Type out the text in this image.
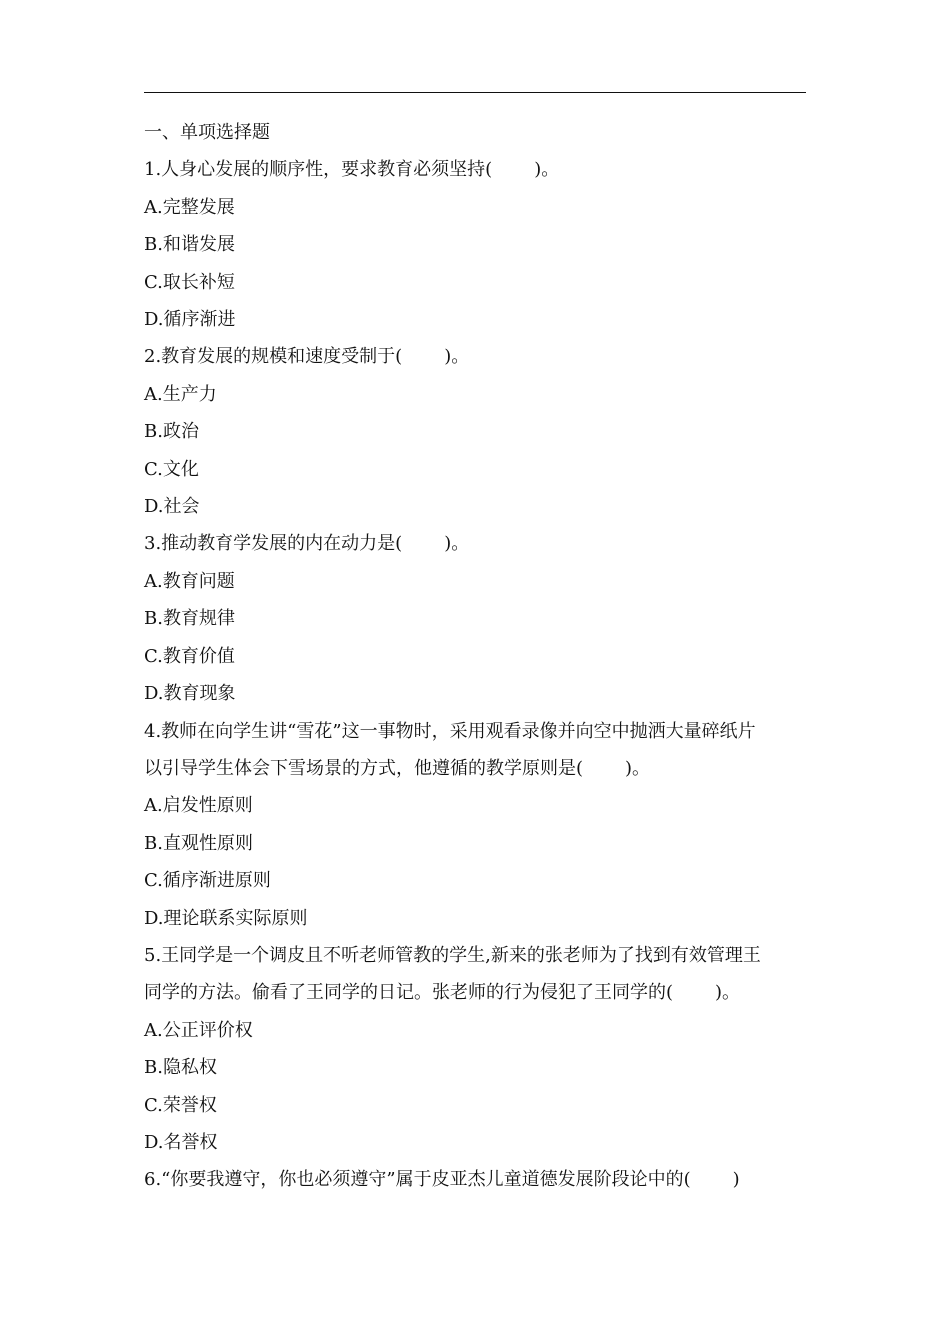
一、单项选择题
1.人身心发展的顺序性，要求教育必须坚持( )。
A.完整发展
B.和谐发展
C.取长补短
D.循序渐进
2.教育发展的规模和速度受制于( )。
A.生产力
B.政治
C.文化
D.社会
3.推动教育学发展的内在动力是( )。
A.教育问题
B.教育规律
C.教育价值
D.教育现象
4.教师在向学生讲“雪花”这一事物时，采用观看录像并向空中抛洒大量碎纸片
以引导学生体会下雪场景的方式，他遵循的教学原则是( )。
A.启发性原则
B.直观性原则
C.循序渐进原则
D.理论联系实际原则
5.王同学是一个调皮且不听老师管教的学生,新来的张老师为了找到有效管理王
同学的方法。偷看了王同学的日记。张老师的行为侵犯了王同学的( )。
A.公正评价权
B.隐私权
C.荣誉权
D.名誉权
6.“你要我遵守，你也必须遵守”属于皮亚杰儿童道德发展阶段论中的( )
